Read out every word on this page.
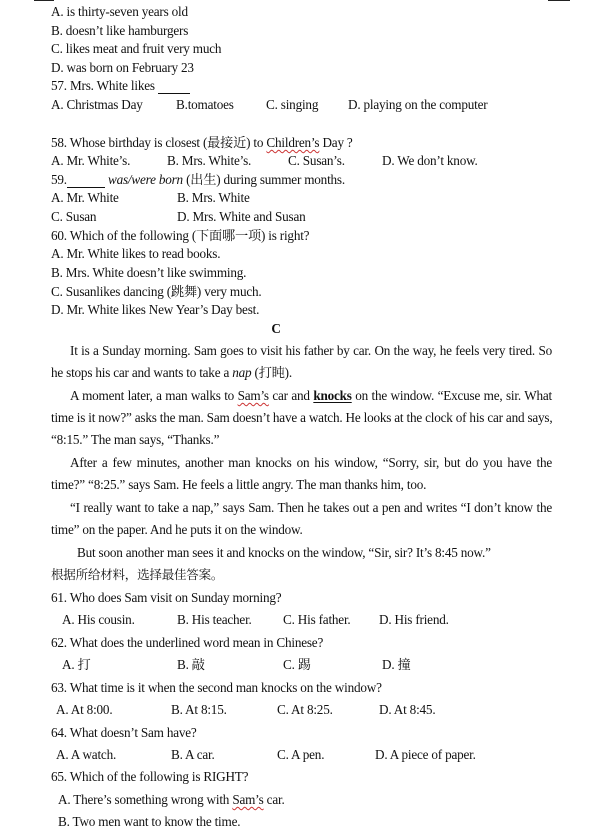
A. is thirty-seven years old
B. doesn’t like hamburgers
C. likes meat and fruit very much
D. was born on February 23
57. Mrs. White likes
A. Christmas Day	B.tomatoes C. singing D. playing on the computer
58. Whose birthday is closest (最接近) to Children’s Day ?
A. Mr. White’s.	B. Mrs. White’s.	C. Susan’s.	D. We don’t know.
59.	was/were born (出生) during summer months.
A. Mr. White	B. Mrs. White
C. Susan	D. Mrs. White and Susan
60. Which of the following (下面哪一项) is right?
A. Mr. White likes to read books.
B. Mrs. White doesn’t like swimming.
C. Susanlikes dancing (跳舞) very much.
D. Mr. White likes New Year’s Day best.
C
It is a Sunday morning. Sam goes to visit his father by car. On the way, he feels very tired. So
he stops his car and wants to take a nap (打盹).
A moment later, a man walks to Sam’s car and knocks on the window. “Excuse me, sir. What
time is it now?” asks the man. Sam doesn’t have a watch. He looks at the clock of his car and says,
“8:15.” The man says, “Thanks.”
After a few minutes, another man knocks on his window, “Sorry, sir, but do you have the
time?” “8:25.” says Sam. He feels a little angry. The man thanks him, too.
“I really want to take a nap,” says Sam. Then he takes out a pen and writes “I don’t know the
time” on the paper. And he puts it on the window.
But soon another man sees it and knocks on the window, “Sir, sir? It’s 8:45 now.”
根据所给材料，选择最佳答案。
61. Who does Sam visit on Sunday morning?
A. His cousin.	B. His teacher. C. His father. D. His friend.
62. What does the underlined word mean in Chinese?
A. 打	B. 敲	C. 踢	D. 撞
63. What time is it when the second man knocks on the window?
A. At 8:00.	B. At 8:15.	C. At 8:25.	D. At 8:45.
64. What doesn’t Sam have?
A. A watch.	B. A car.	C. A pen.	D. A piece of paper.
65. Which of the following is RIGHT?
A. There’s something wrong with Sam’s car.
B. Two men want to know the time.
